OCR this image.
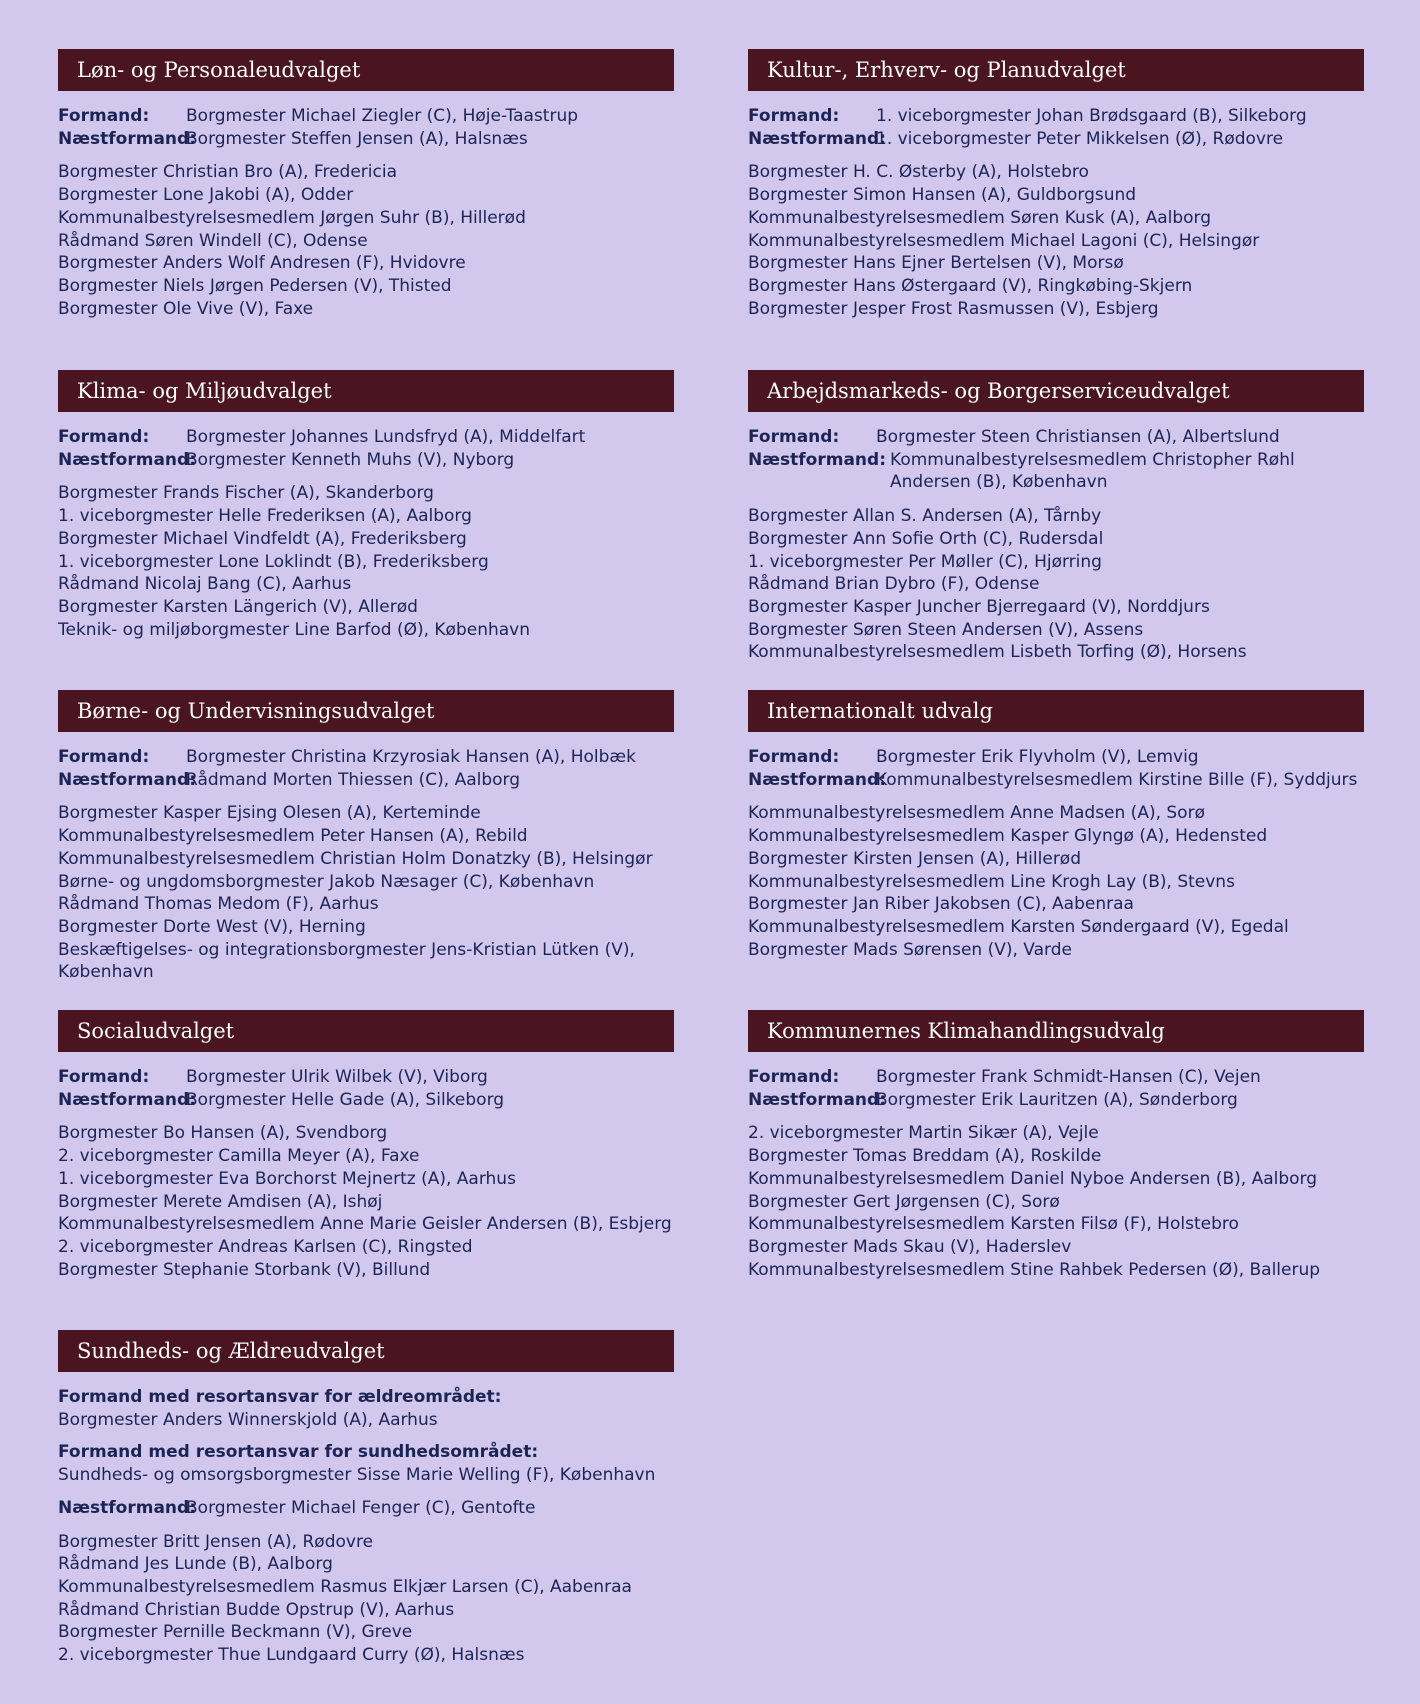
Løn- og Personaleudvalget
Formand: Borgmester Michael Ziegler (C), Høje-Taastrup
Næstformand:Borgmester Steffen Jensen (A), Halsnæs
Borgmester Christian Bro (A), Fredericia
Borgmester Lone Jakobi (A), Odder
Kommunalbestyrelsesmedlem Jørgen Suhr (B), Hillerød
Rådmand Søren Windell (C), Odense
Borgmester Anders Wolf Andresen (F), Hvidovre
Borgmester Niels Jørgen Pedersen (V), Thisted
Borgmester Ole Vive (V), Faxe
Kultur-, Erhverv- og Planudvalget
Formand: 1. viceborgmester Johan Brødsgaard (B), Silkeborg
Næstformand:1. viceborgmester Peter Mikkelsen (Ø), Rødovre
Borgmester H. C. Østerby (A), Holstebro
Borgmester Simon Hansen (A), Guldborgsund
Kommunalbestyrelsesmedlem Søren Kusk (A), Aalborg
Kommunalbestyrelsesmedlem Michael Lagoni (C), Helsingør
Borgmester Hans Ejner Bertelsen (V), Morsø
Borgmester Hans Østergaard (V), Ringkøbing-Skjern
Borgmester Jesper Frost Rasmussen (V), Esbjerg
Klima- og Miljøudvalget
Formand: Borgmester Johannes Lundsfryd (A), Middelfart
Næstformand:Borgmester Kenneth Muhs (V), Nyborg
Borgmester Frands Fischer (A), Skanderborg
1. viceborgmester Helle Frederiksen (A), Aalborg
Borgmester Michael Vindfeldt (A), Frederiksberg
1. viceborgmester Lone Loklindt (B), Frederiksberg
Rådmand Nicolaj Bang (C), Aarhus
Borgmester Karsten Längerich (V), Allerød
Teknik- og miljøborgmester Line Barfod (Ø), København
Arbejdsmarkeds- og Borgerserviceudvalget
Formand: Borgmester Steen Christiansen (A), Albertslund
Næstformand: Kommunalbestyrelsesmedlem Christopher Røhl Andersen (B), København
Borgmester Allan S. Andersen (A), Tårnby
Borgmester Ann Sofie Orth (C), Rudersdal
1. viceborgmester Per Møller (C), Hjørring
Rådmand Brian Dybro (F), Odense
Borgmester Kasper Juncher Bjerregaard (V), Norddjurs
Borgmester Søren Steen Andersen (V), Assens
Kommunalbestyrelsesmedlem Lisbeth Torfing (Ø), Horsens
Børne- og Undervisningsudvalget
Formand: Borgmester Christina Krzyrosiak Hansen (A), Holbæk
Næstformand:Rådmand Morten Thiessen (C), Aalborg
Borgmester Kasper Ejsing Olesen (A), Kerteminde
Kommunalbestyrelsesmedlem Peter Hansen (A), Rebild
Kommunalbestyrelsesmedlem Christian Holm Donatzky (B), Helsingør
Børne- og ungdomsborgmester Jakob Næsager (C), København
Rådmand Thomas Medom (F), Aarhus
Borgmester Dorte West (V), Herning
Beskæftigelses- og integrationsborgmester Jens-Kristian Lütken (V), København
Internationalt udvalg
Formand: Borgmester Erik Flyvholm (V), Lemvig
Næstformand:Kommunalbestyrelsesmedlem Kirstine Bille (F), Syddjurs
Kommunalbestyrelsesmedlem Anne Madsen (A), Sorø
Kommunalbestyrelsesmedlem Kasper Glyngø (A), Hedensted
Borgmester Kirsten Jensen (A), Hillerød
Kommunalbestyrelsesmedlem Line Krogh Lay (B), Stevns
Borgmester Jan Riber Jakobsen (C), Aabenraa
Kommunalbestyrelsesmedlem Karsten Søndergaard (V), Egedal
Borgmester Mads Sørensen (V), Varde
Socialudvalget
Formand: Borgmester Ulrik Wilbek (V), Viborg
Næstformand:Borgmester Helle Gade (A), Silkeborg
Borgmester Bo Hansen (A), Svendborg
2. viceborgmester Camilla Meyer (A), Faxe
1. viceborgmester Eva Borchorst Mejnertz (A), Aarhus
Borgmester Merete Amdisen (A), Ishøj
Kommunalbestyrelsesmedlem Anne Marie Geisler Andersen (B), Esbjerg
2. viceborgmester Andreas Karlsen (C), Ringsted
Borgmester Stephanie Storbank (V), Billund
Kommunernes Klimahandlingsudvalg
Formand: Borgmester Frank Schmidt-Hansen (C), Vejen
Næstformand:Borgmester Erik Lauritzen (A), Sønderborg
2. viceborgmester Martin Sikær (A), Vejle
Borgmester Tomas Breddam (A), Roskilde
Kommunalbestyrelsesmedlem Daniel Nyboe Andersen (B), Aalborg
Borgmester Gert Jørgensen (C), Sorø
Kommunalbestyrelsesmedlem Karsten Filsø (F), Holstebro
Borgmester Mads Skau (V), Haderslev
Kommunalbestyrelsesmedlem Stine Rahbek Pedersen (Ø), Ballerup
Sundheds- og Ældreudvalget
Formand med resortansvar for ældreområdet:
Borgmester Anders Winnerskjold (A), Aarhus
Formand med resortansvar for sundhedsområdet:
Sundheds- og omsorgsborgmester Sisse Marie Welling (F), København
Næstformand:Borgmester Michael Fenger (C), Gentofte
Borgmester Britt Jensen (A), Rødovre
Rådmand Jes Lunde (B), Aalborg
Kommunalbestyrelsesmedlem Rasmus Elkjær Larsen (C), Aabenraa
Rådmand Christian Budde Opstrup (V), Aarhus
Borgmester Pernille Beckmann (V), Greve
2. viceborgmester Thue Lundgaard Curry (Ø), Halsnæs
